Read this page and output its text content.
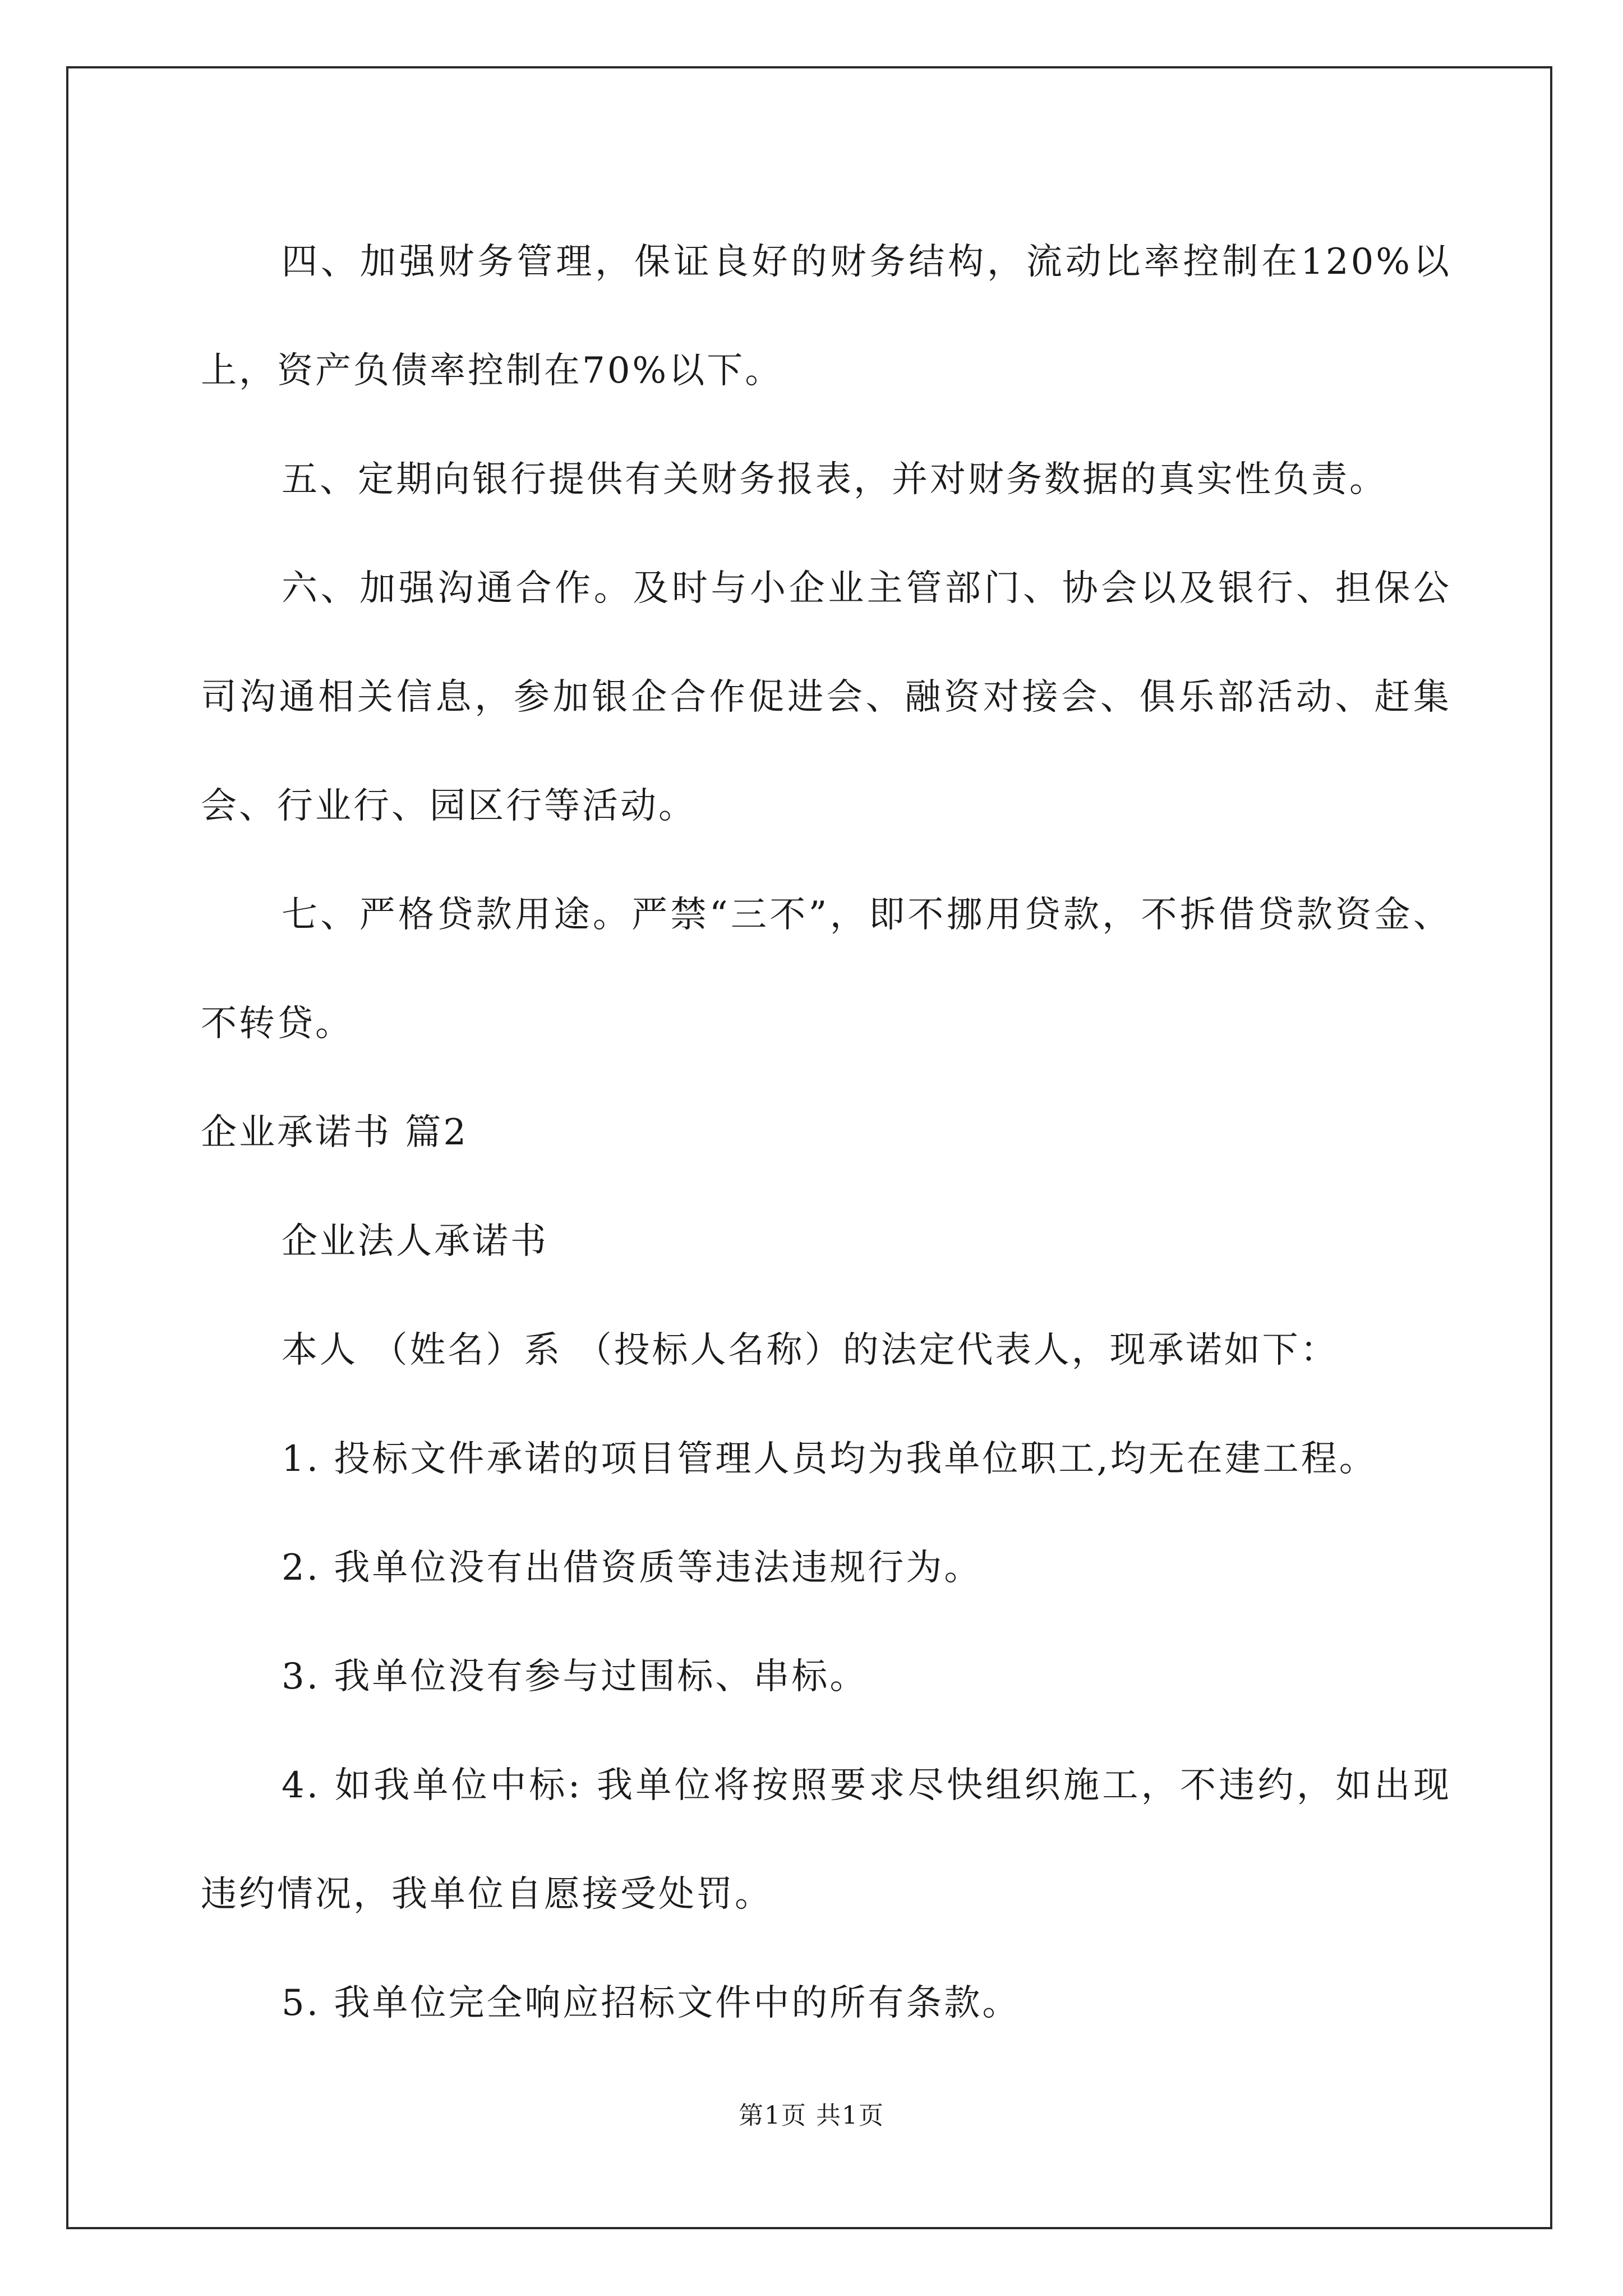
四、加强财务管理，保证良好的财务结构，流动比率控制在120%以上，资产负债率控制在70%以下。

五、定期向银行提供有关财务报表，并对财务数据的真实性负责。

六、加强沟通合作。及时与小企业主管部门、协会以及银行、担保公司沟通相关信息，参加银企合作促进会、融资对接会、俱乐部活动、赶集会、行业行、园区行等活动。

七、严格贷款用途。严禁“三不”，即不挪用贷款，不拆借贷款资金、不转贷。

企业承诺书 篇2

企业法人承诺书

本人 （姓名）系 （投标人名称）的法定代表人，现承诺如下：

1. 投标文件承诺的项目管理人员均为我单位职工,均无在建工程。

2. 我单位没有出借资质等违法违规行为。

3. 我单位没有参与过围标、串标。

4. 如我单位中标: 我单位将按照要求尽快组织施工，不违约，如出现违约情况，我单位自愿接受处罚。

5. 我单位完全响应招标文件中的所有条款。

第1页 共1页
